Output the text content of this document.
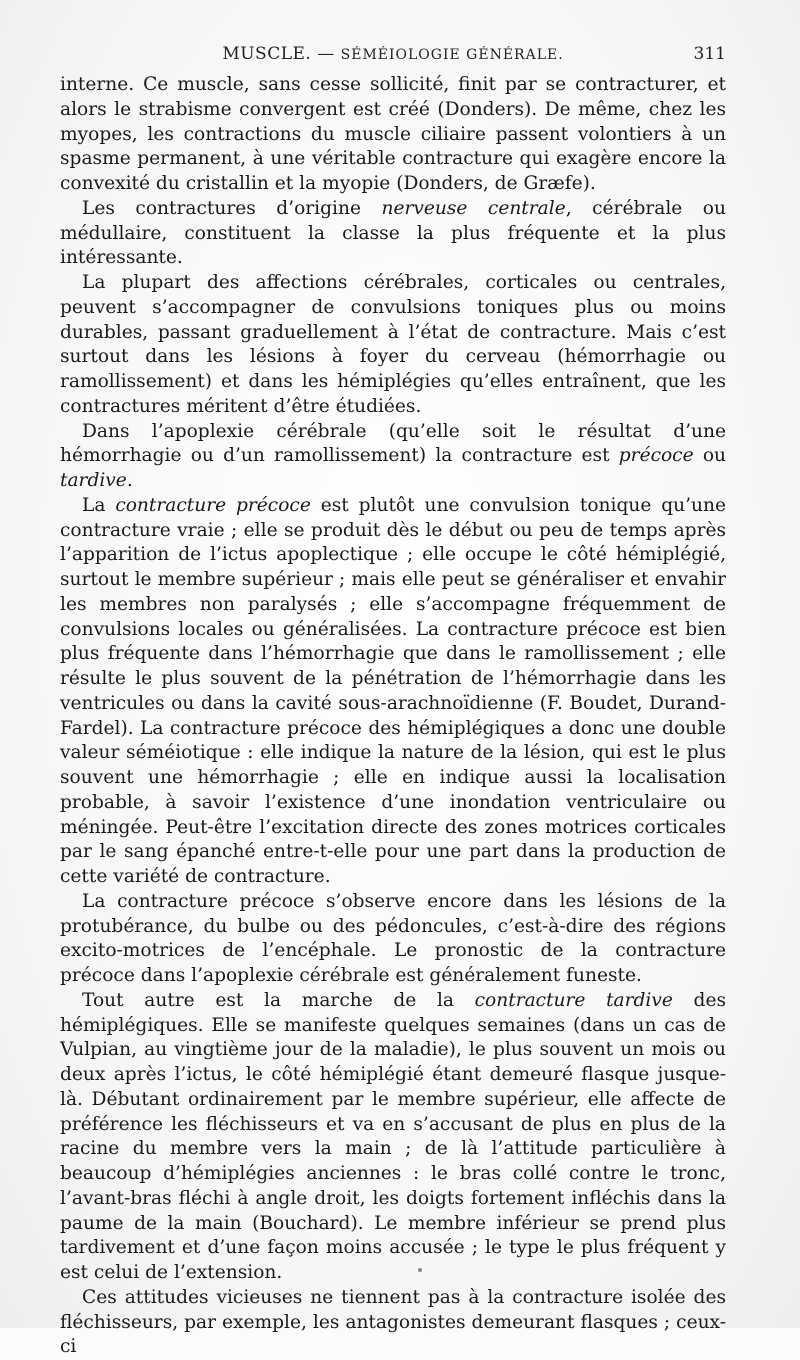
MUSCLE. — SÉMÉIOLOGIE GÉNÉRALE.	311

interne. Ce muscle, sans cesse sollicité, finit par se contracturer, et alors le strabisme convergent est créé (Donders). De même, chez les myopes, les contractions du muscle ciliaire passent volontiers à un spasme permanent, à une véritable contracture qui exagère encore la convexité du cristallin et la myopie (Donders, de Græfe).

Les contractures d’origine nerveuse centrale, cérébrale ou médullaire, constituent la classe la plus fréquente et la plus intéressante.

La plupart des affections cérébrales, corticales ou centrales, peuvent s’accompagner de convulsions toniques plus ou moins durables, passant graduellement à l’état de contracture. Mais c’est surtout dans les lésions à foyer du cerveau (hémorrhagie ou ramollissement) et dans les hémiplégies qu’elles entraînent, que les contractures méritent d’être étudiées.

Dans l’apoplexie cérébrale (qu’elle soit le résultat d’une hémorrhagie ou d’un ramollissement) la contracture est précoce ou tardive.

La contracture précoce est plutôt une convulsion tonique qu’une contracture vraie ; elle se produit dès le début ou peu de temps après l’apparition de l’ictus apoplectique ; elle occupe le côté hémiplégié, surtout le membre supérieur ; mais elle peut se généraliser et envahir les membres non paralysés ; elle s’accompagne fréquemment de convulsions locales ou généralisées. La contracture précoce est bien plus fréquente dans l’hémorrhagie que dans le ramollissement ; elle résulte le plus souvent de la pénétration de l’hémorrhagie dans les ventricules ou dans la cavité sous-arachnoïdienne (F. Boudet, Durand-Fardel). La contracture précoce des hémiplégiques a donc une double valeur séméiotique : elle indique la nature de la lésion, qui est le plus souvent une hémorrhagie ; elle en indique aussi la localisation probable, à savoir l’existence d’une inondation ventriculaire ou méningée. Peut-être l’excitation directe des zones motrices corticales par le sang épanché entre-t-elle pour une part dans la production de cette variété de contracture.

La contracture précoce s’observe encore dans les lésions de la protubérance, du bulbe ou des pédoncules, c’est-à-dire des régions excito-motrices de l’encéphale. Le pronostic de la contracture précoce dans l’apoplexie cérébrale est généralement funeste.

Tout autre est la marche de la contracture tardive des hémiplégiques. Elle se manifeste quelques semaines (dans un cas de Vulpian, au vingtième jour de la maladie), le plus souvent un mois ou deux après l’ictus, le côté hémiplégié étant demeuré flasque jusque-là. Débutant ordinairement par le membre supérieur, elle affecte de préférence les fléchisseurs et va en s’accusant de plus en plus de la racine du membre vers la main ; de là l’attitude particulière à beaucoup d’hémiplégies anciennes : le bras collé contre le tronc, l’avant-bras fléchi à angle droit, les doigts fortement infléchis dans la paume de la main (Bouchard). Le membre inférieur se prend plus tardivement et d’une façon moins accusée ; le type le plus fréquent y est celui de l’extension.

Ces attitudes vicieuses ne tiennent pas à la contracture isolée des fléchisseurs, par exemple, les antagonistes demeurant flasques ; ceux-ci
